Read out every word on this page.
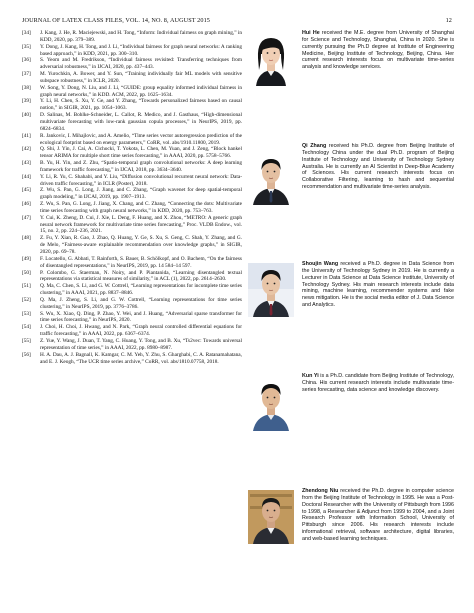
JOURNAL OF LATEX CLASS FILES, VOL. 14, NO. 8, AUGUST 2015	12
[34]	J. Kang, J. He, R. Maciejewski, and H. Tong, “Inform: Individual fairness on graph mining,” in KDD, 2020, pp. 379–389.
[35]	Y. Dong, J. Kang, H. Tong, and J. Li, “Individual fairness for graph neural networks: A ranking based approach,” in KDD, 2021, pp. 300–310.
[36]	S. Yeom and M. Fredrikson, “Individual fairness revisited: Transferring techniques from adversarial robustness,” in IJCAI, 2020, pp. 437–443.
[37]	M. Yurochkin, A. Bower, and Y. Sun, “Training individually fair ML models with sensitive subspace robustness,” in ICLR, 2020.
[38]	W. Song, Y. Dong, N. Liu, and J. Li, “GUIDE: group equality informed individual fairness in graph neural networks,” in KDD. ACM, 2022, pp. 1625–1634.
[39]	Y. Li, H. Chen, S. Xu, Y. Ge, and Y. Zhang, “Towards personalized fairness based on causal notion,” in SIGIR, 2021, pp. 1054–1063.
[40]	D. Salinas, M. Bohlke-Schneider, L. Callot, R. Medico, and J. Gasthaus, “High-dimensional multivariate forecasting with low-rank gaussian copula processes,” in NeurIPS, 2019, pp. 6824–6834.
[41]	R. Jankovic, I. Mihajlovic, and A. Amelio, “Time series vector autoregression prediction of the ecological footprint based on energy parameters,” CoRR, vol. abs/1910.11800, 2019.
[42]	Q. Shi, J. Yin, J. Cai, A. Cichocki, T. Yokota, L. Chen, M. Yuan, and J. Zeng, “Block hankel tensor ARIMA for multiple short time series forecasting,” in AAAI, 2020, pp. 5758–5766.
[43]	B. Yu, H. Yin, and Z. Zhu, “Spatio-temporal graph convolutional networks: A deep learning framework for traffic forecasting,” in IJCAI, 2018, pp. 3634–3640.
[44]	Y. Li, R. Yu, C. Shahabi, and Y. Liu, “Diffusion convolutional recurrent neural network: Data-driven traffic forecasting,” in ICLR (Poster), 2018.
[45]	Z. Wu, S. Pan, G. Long, J. Jiang, and C. Zhang, “Graph wavenet for deep spatial-temporal graph modeling,” in IJCAI, 2019, pp. 1907–1913.
[46]	Z. Wu, S. Pan, G. Long, J. Jiang, X. Chang, and C. Zhang, “Connecting the dots: Multivariate time series forecasting with graph neural networks,” in KDD, 2020, pp. 753–763.
[47]	Y. Cui, K. Zheng, D. Cui, J. Xie, L. Deng, F. Huang, and X. Zhou, “METRO: A generic graph neural network framework for multivariate time series forecasting,” Proc. VLDB Endow., vol. 15, no. 2, pp. 224–236, 2021.
[48]	Z. Fu, Y. Xian, R. Gao, J. Zhao, Q. Huang, Y. Ge, S. Xu, S. Geng, C. Shah, Y. Zhang, and G. de Melo, “Fairness-aware explainable recommendation over knowledge graphs,” in SIGIR, 2020, pp. 69–78.
[49]	F. Locatello, G. Abbati, T. Rainforth, S. Bauer, B. Schölkopf, and O. Bachem, “On the fairness of disentangled representations,” in NeurIPS, 2019, pp. 14 584–14 597.
[50]	P. Colombo, G. Staerman, N. Noiry, and P. Piantanida, “Learning disentangled textual representations via statistical measures of similarity,” in ACL (1), 2022, pp. 2614–2630.
[51]	Q. Ma, C. Chen, S. Li, and G. W. Cottrell, “Learning representations for incomplete time series clustering,” in AAAI, 2021, pp. 8837–8846.
[52]	Q. Ma, J. Zheng, S. Li, and G. W. Cottrell, “Learning representations for time series clustering,” in NeurIPS, 2019, pp. 3776–3786.
[53]	S. Wu, X. Xiao, Q. Ding, P. Zhao, Y. Wei, and J. Huang, “Adversarial sparse transformer for time series forecasting,” in NeurIPS, 2020.
[54]	J. Choi, H. Choi, J. Hwang, and N. Park, “Graph neural controlled differential equations for traffic forecasting,” in AAAI, 2022, pp. 6367–6374.
[55]	Z. Yue, Y. Wang, J. Duan, T. Yang, C. Huang, Y. Tong, and B. Xu, “Ts2vec: Towards universal representation of time series,” in AAAI, 2022, pp. 8980–8987.
[56]	H. A. Dau, A. J. Bagnall, K. Kamgar, C. M. Yeh, Y. Zhu, S. Gharghabi, C. A. Ratanamahatana, and E. J. Keogh, “The UCR time series archive,” CoRR, vol. abs/1810.07758, 2018.
Hui He received the M.E. degree from University of Shanghai for Science and Technology, Shanghai, China in 2020. She is currently pursuing the Ph.D degree at Institute of Engineering Medicine, Beijing Institute of Technology, Beijing, China. Her current research interests focus on multivariate time-series analysis and knowledge services.
Qi Zhang received his Ph.D. degree from Beijing Institute of Technology China under the dual Ph.D. program of Beijing Institute of Technology and University of Technology Sydney Australia. He is currently an AI Scientist in Deep-Blue Academy of Sciences. His current research interests focus on Collaborative Filtering, learning to hash and sequential recommendation and multivariate time-series analysis.
Shoujin Wang received a Ph.D. degree in Data Science from the University of Technology Sydney in 2019. He is currently a Lecturer in Data Science at Data Science Institute, University of Technology Sydney. His main research interests include data mining, machine learning, recommender systems and fake news mitigation. He is the social media editor of J. Data Science and Analytics.
Kun Yi is a Ph.D. candidate from Beijing Institute of Technology, China. His current research interests include multivariate time-series forecasting, data science and knowledge discovery.
Zhendong Niu received the Ph.D. degree in computer science from the Beijing Institute of Technology in 1995. He was a Post-Doctoral Researcher with the University of Pittsburgh from 1996 to 1998, a Researcher & Adjunct from 1999 to 2004, and a Joint Research Professor with Information School, University of Pittsburgh since 2006. His research interests include informational retrieval, software architecture, digital libraries, and web-based learning techniques.
